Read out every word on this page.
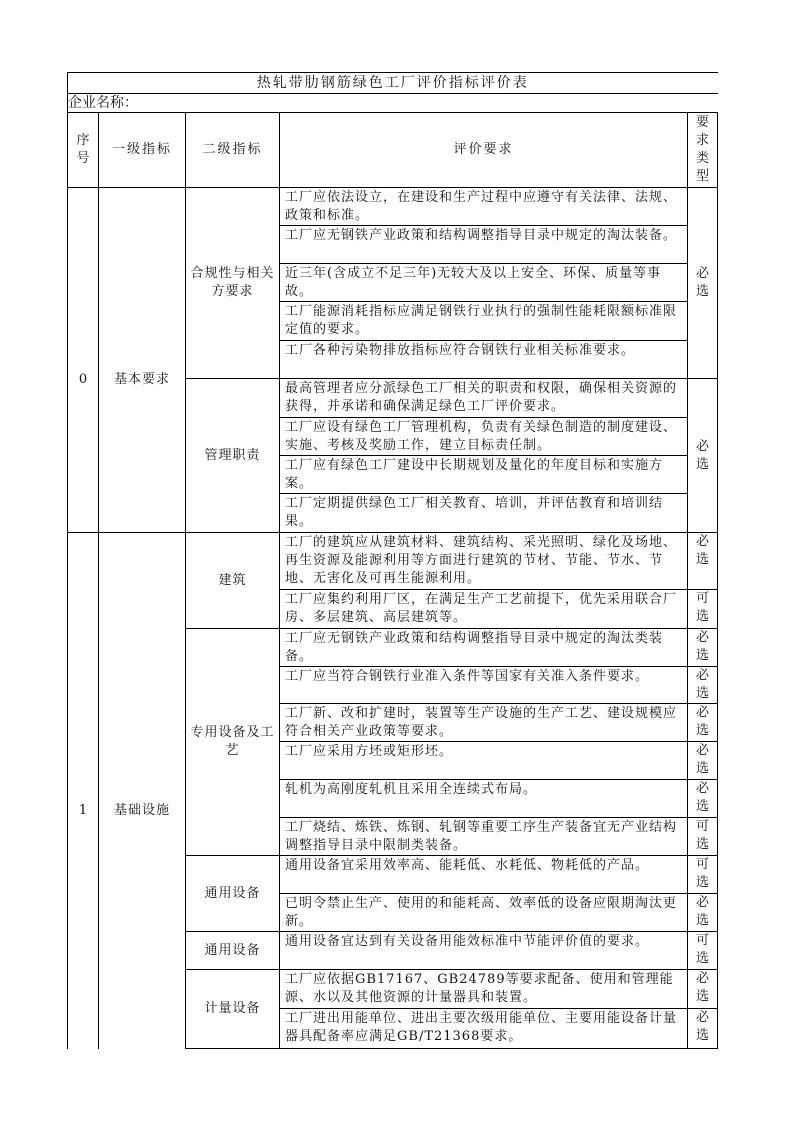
热轧带肋钢筋绿色工厂评价指标评价表				
企业名称：				
序号	一级指标	二级指标	评价要求	要求类型
0	基本要求	合规性与相关方要求	工厂应依法设立，在建设和生产过程中应遵守有关法律、法规、政策和标准。	必选
			工厂应无钢铁产业政策和结构调整指导目录中规定的淘汰装备。	
			近三年(含成立不足三年)无较大及以上安全、环保、质量等事故。	
			工厂能源消耗指标应满足钢铁行业执行的强制性能耗限额标准限定值的要求。	
			工厂各种污染物排放指标应符合钢铁行业相关标准要求。	
		管理职责	最高管理者应分派绿色工厂相关的职责和权限，确保相关资源的获得，并承诺和确保满足绿色工厂评价要求。	必选
			工厂应设有绿色工厂管理机构，负责有关绿色制造的制度建设、实施、考核及奖励工作，建立目标责任制。	
			工厂应有绿色工厂建设中长期规划及量化的年度目标和实施方案。	
			工厂定期提供绿色工厂相关教育、培训，并评估教育和培训结果。	
1	基础设施	建筑	工厂的建筑应从建筑材料、建筑结构、采光照明、绿化及场地、再生资源及能源利用等方面进行建筑的节材、节能、节水、节地、无害化及可再生能源利用。	必选
			工厂应集约利用厂区，在满足生产工艺前提下，优先采用联合厂房、多层建筑、高层建筑等。	可选
		专用设备及工艺	工厂应无钢铁产业政策和结构调整指导目录中规定的淘汰类装备。	必选
			工厂应当符合钢铁行业准入条件等国家有关准入条件要求。	必选
			工厂新、改和扩建时，装置等生产设施的生产工艺、建设规模应符合相关产业政策等要求。	必选
			工厂应采用方坯或矩形坯。	必选
			轧机为高刚度轧机且采用全连续式布局。	必选
			工厂烧结、炼铁、炼钢、轧钢等重要工序生产装备宜无产业结构调整指导目录中限制类装备。	可选
		通用设备	通用设备宜采用效率高、能耗低、水耗低、物耗低的产品。	可选
			已明令禁止生产、使用的和能耗高、效率低的设备应限期淘汰更新。	必选
		通用设备	通用设备宜达到有关设备用能效标准中节能评价值的要求。	可选
		计量设备	工厂应依据GB17167、GB24789等要求配备、使用和管理能源、水以及其他资源的计量器具和装置。	必选
			工厂进出用能单位、进出主要次级用能单位、主要用能设备计量器具配备率应满足GB/T21368要求。	必选
